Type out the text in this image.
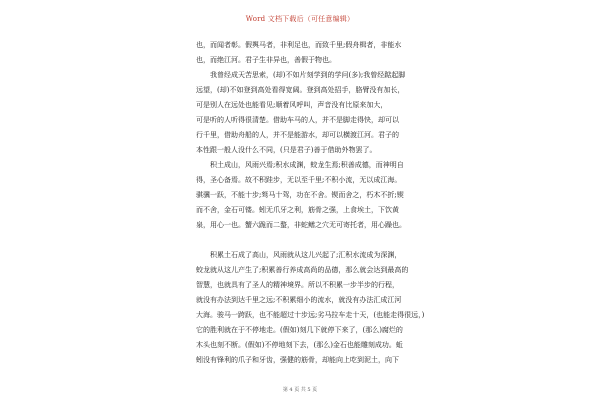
Word 文档下载后（可任意编辑）
也，而闻者彰。假舆马者，非利足也，而致千里;假舟楫者，非能水
也，而绝江河。君子生非异也，善假于物也。
我曾经成天苦思索，(却)不如片刻学到的学问(多);我曾经踮起脚
远望，(却)不如登到高处看得宽阔。登到高处招手，胳臂没有加长，
可是别人在远处也能看见;顺着风呼叫，声音没有比原来加大，
可是听的人听得很清楚。借助车马的人，并不是脚走得快，却可以
行千里，借助舟船的人，并不是能游水，却可以横渡江河。君子的
本性跟一般人没什么不同，(只是君子)善于借助外物罢了。
积土成山，风雨兴焉;积水成渊，蛟龙生焉;积善成德，而神明自
得，圣心备焉。故不积跬步，无以至千里;不积小流，无以成江海。
骐骥一跃，不能十步;驽马十驾，功在不舍。锲而舍之，朽木不折;锲
而不舍，金石可镂。蚓无爪牙之利，筋骨之强，上食埃土，下饮黄
泉，用心一也。蟹六跪而二螯，非蛇鳝之穴无可寄托者，用心躁也。
积累土石成了高山，风雨就从这儿兴起了;汇积水流成为深渊，
蛟龙就从这儿产生了;积累善行养成高尚的品德，那么就会达到最高的
智慧，也就具有了圣人的精神境界。所以不积累一步半步的行程，
就没有办法到达千里之远;不积累细小的流水，就没有办法汇成江河
大海。骏马一跨跃，也不能超过十步远;劣马拉车走十天，(也能走得很远，)
它的胜利就在于不停地走。(假如)刻几下就停下来了，(那么)腐烂的
木头也刻不断。(假如)不停地刻下去，(那么)金石也能雕刻成功。蚯
蚓没有锋利的爪子和牙齿，强健的筋骨，却能向上吃到泥土，向下
第 4 页 共 5 页
